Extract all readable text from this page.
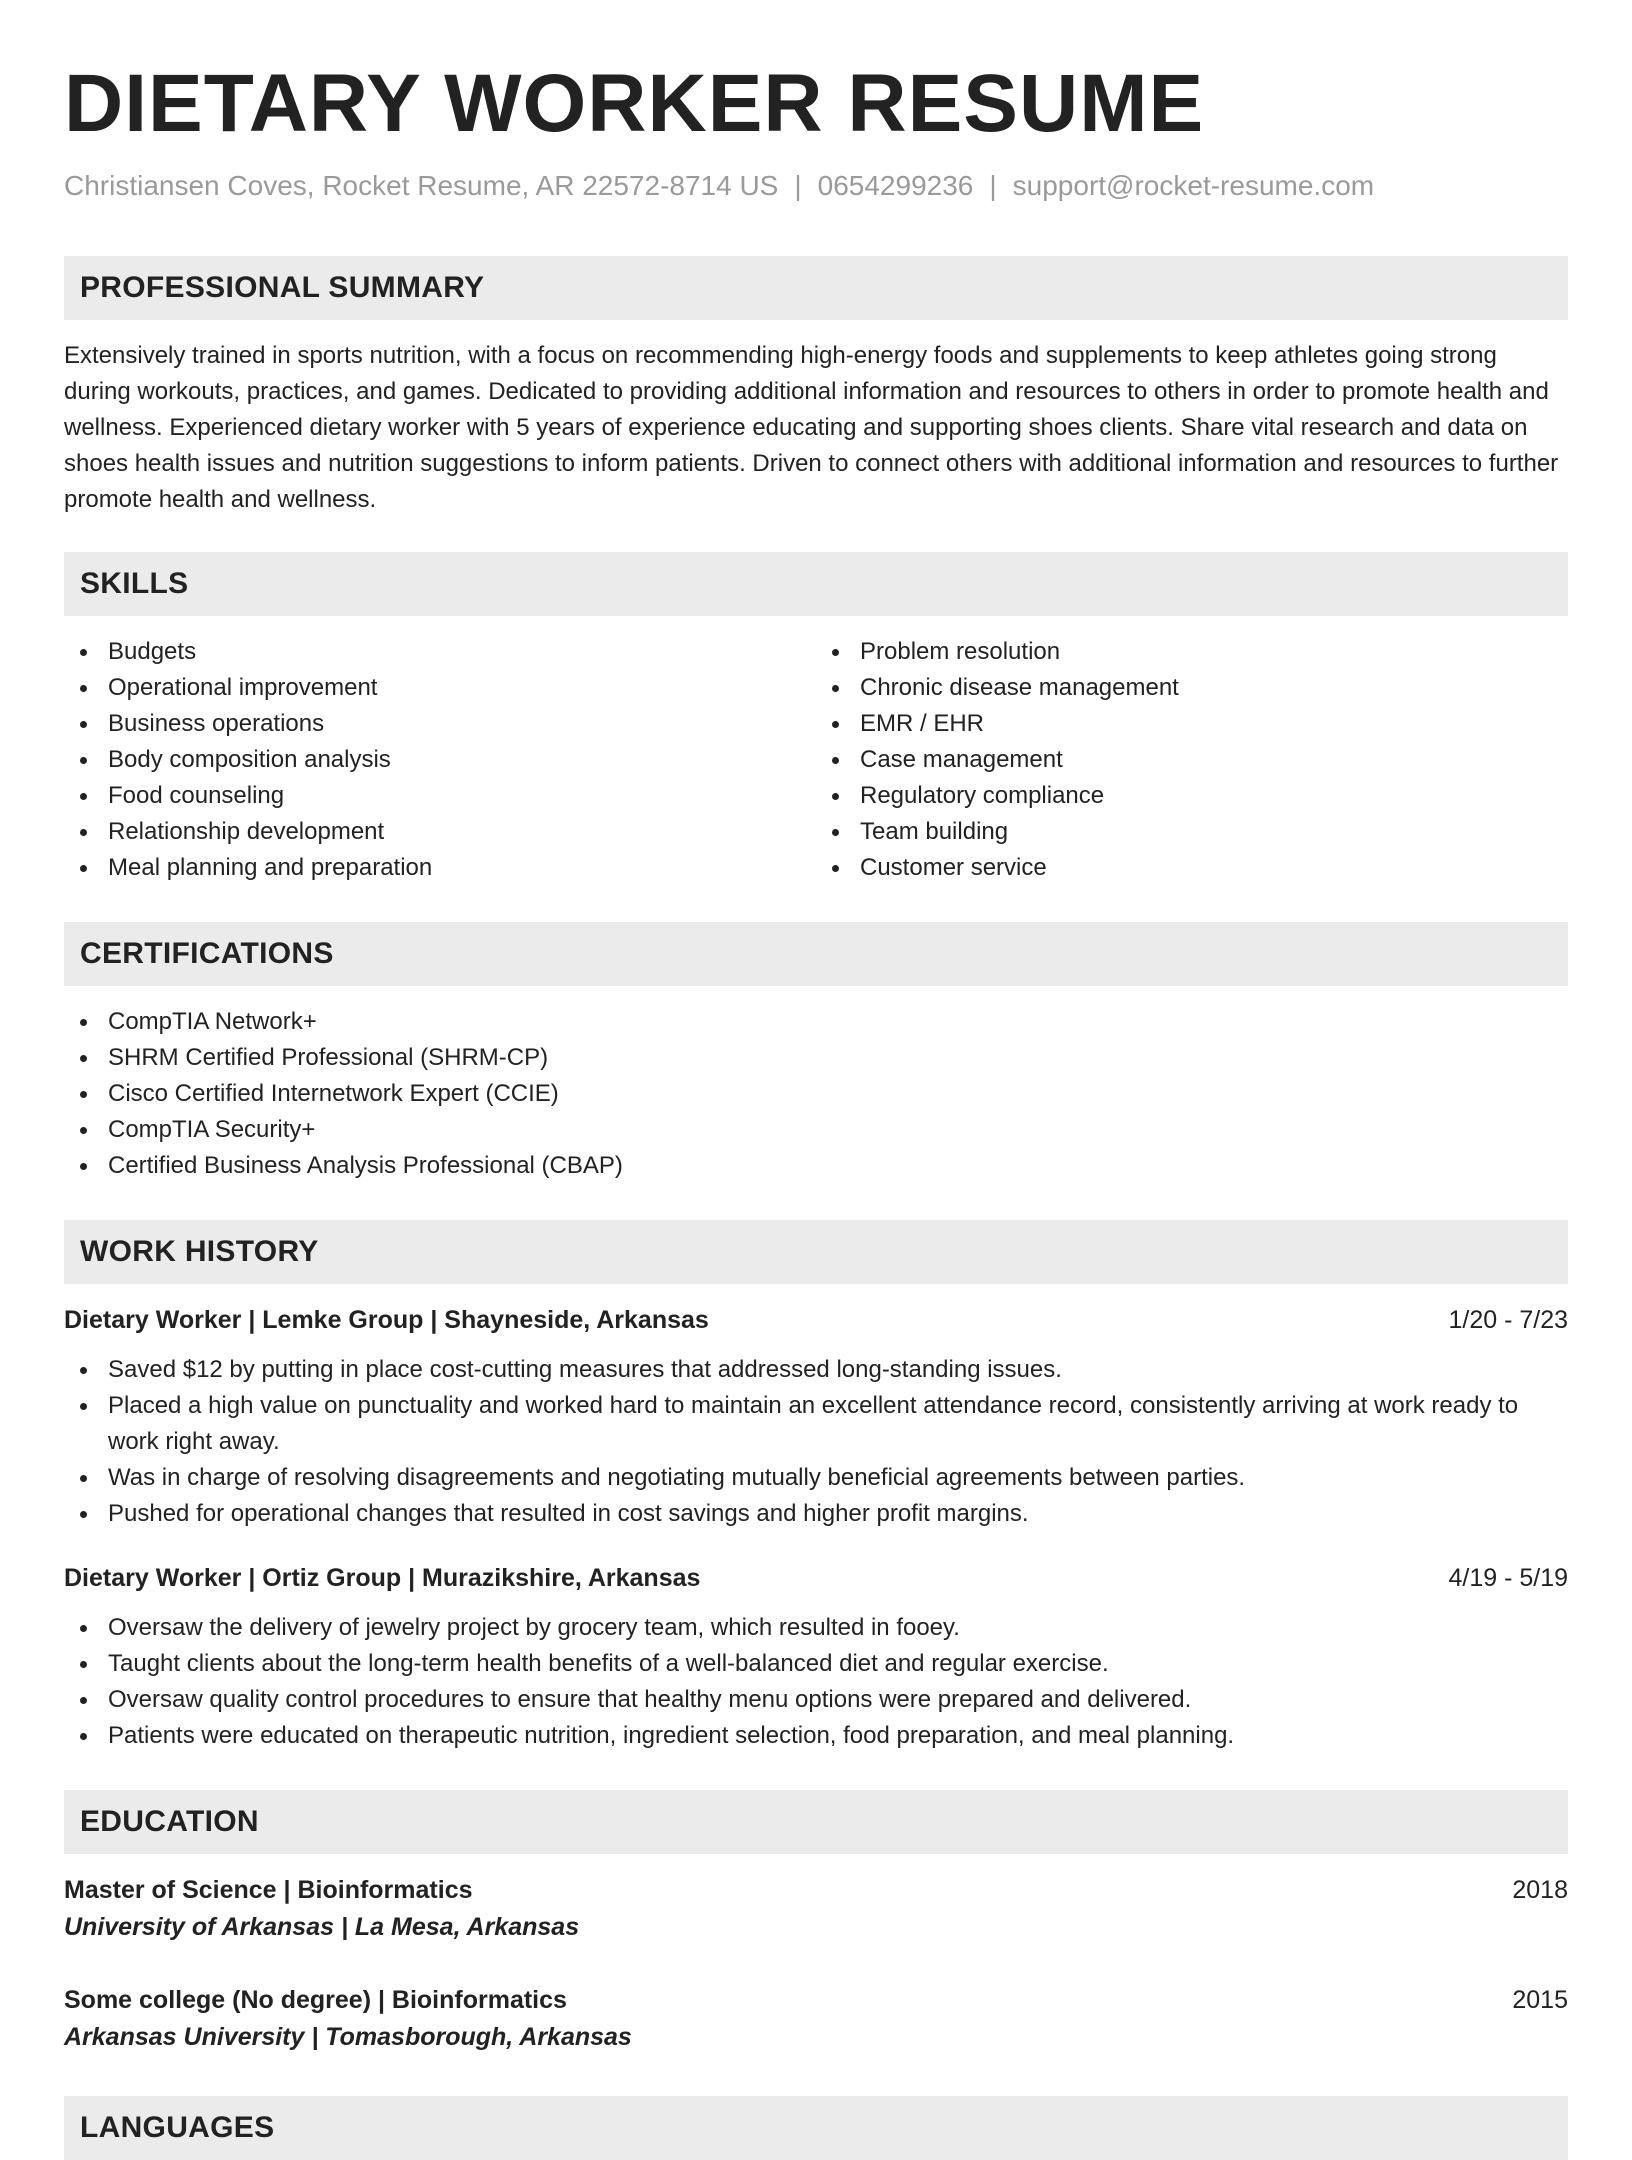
DIETARY WORKER RESUME
Christiansen Coves, Rocket Resume, AR 22572-8714 US | 0654299236 | support@rocket-resume.com
PROFESSIONAL SUMMARY

Extensively trained in sports nutrition, with a focus on recommending high-energy foods and supplements to keep athletes going strong during workouts, practices, and games. Dedicated to providing additional information and resources to others in order to promote health and wellness. Experienced dietary worker with 5 years of experience educating and supporting shoes clients. Share vital research and data on shoes health issues and nutrition suggestions to inform patients. Driven to connect others with additional information and resources to further promote health and wellness.

SKILLS
Budgets
Operational improvement
Business operations
Body composition analysis
Food counseling
Relationship development
Meal planning and preparation
Problem resolution
Chronic disease management
EMR / EHR
Case management
Regulatory compliance
Team building
Customer service
CERTIFICATIONS
CompTIA Network+
SHRM Certified Professional (SHRM-CP)
Cisco Certified Internetwork Expert (CCIE)
CompTIA Security+
Certified Business Analysis Professional (CBAP)
WORK HISTORY
Dietary Worker | Lemke Group | Shayneside, Arkansas	1/20 - 7/23
Saved $12 by putting in place cost-cutting measures that addressed long-standing issues.
Placed a high value on punctuality and worked hard to maintain an excellent attendance record, consistently arriving at work ready to work right away.
Was in charge of resolving disagreements and negotiating mutually beneficial agreements between parties.
Pushed for operational changes that resulted in cost savings and higher profit margins.
Dietary Worker | Ortiz Group | Murazikshire, Arkansas	4/19 - 5/19
Oversaw the delivery of jewelry project by grocery team, which resulted in fooey.
Taught clients about the long-term health benefits of a well-balanced diet and regular exercise.
Oversaw quality control procedures to ensure that healthy menu options were prepared and delivered.
Patients were educated on therapeutic nutrition, ingredient selection, food preparation, and meal planning.
EDUCATION
Master of Science | Bioinformatics	2018
University of Arkansas | La Mesa, Arkansas
Some college (No degree) | Bioinformatics	2015
Arkansas University | Tomasborough, Arkansas
LANGUAGES
